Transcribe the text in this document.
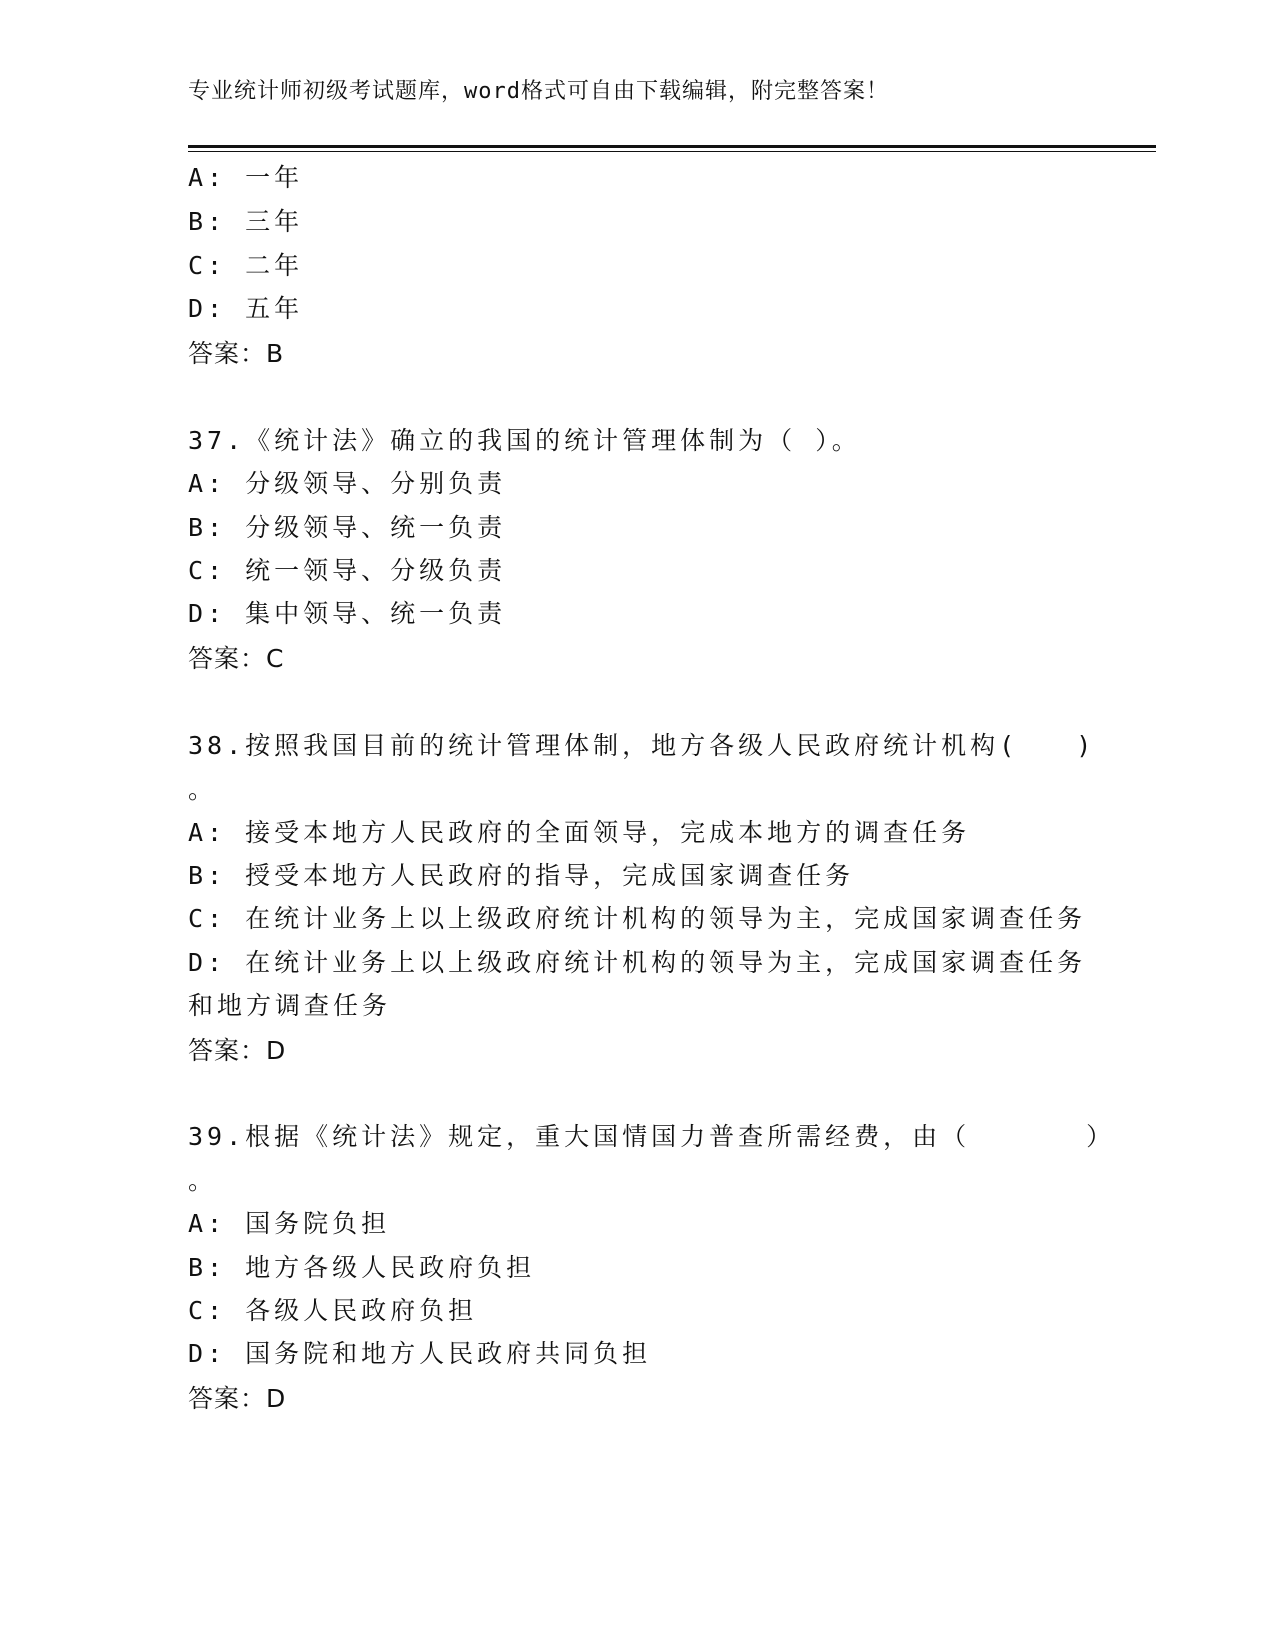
专业统计师初级考试题库，word格式可自由下载编辑，附完整答案！
A: 一年
B: 三年
C: 二年
D: 五年
答案：B
37.《统计法》确立的我国的统计管理体制为（ ）。
A: 分级领导、分别负责
B: 分级领导、统一负责
C: 统一领导、分级负责
D: 集中领导、统一负责
答案：C
38.按照我国目前的统计管理体制，地方各级人民政府统计机构(　　)
。
A: 接受本地方人民政府的全面领导，完成本地方的调查任务
B: 授受本地方人民政府的指导，完成国家调查任务
C: 在统计业务上以上级政府统计机构的领导为主，完成国家调查任务
D: 在统计业务上以上级政府统计机构的领导为主，完成国家调查任务
和地方调查任务
答案：D
39.根据《统计法》规定，重大国情国力普查所需经费，由（　　　　）
。
A: 国务院负担
B: 地方各级人民政府负担
C: 各级人民政府负担
D: 国务院和地方人民政府共同负担
答案：D
